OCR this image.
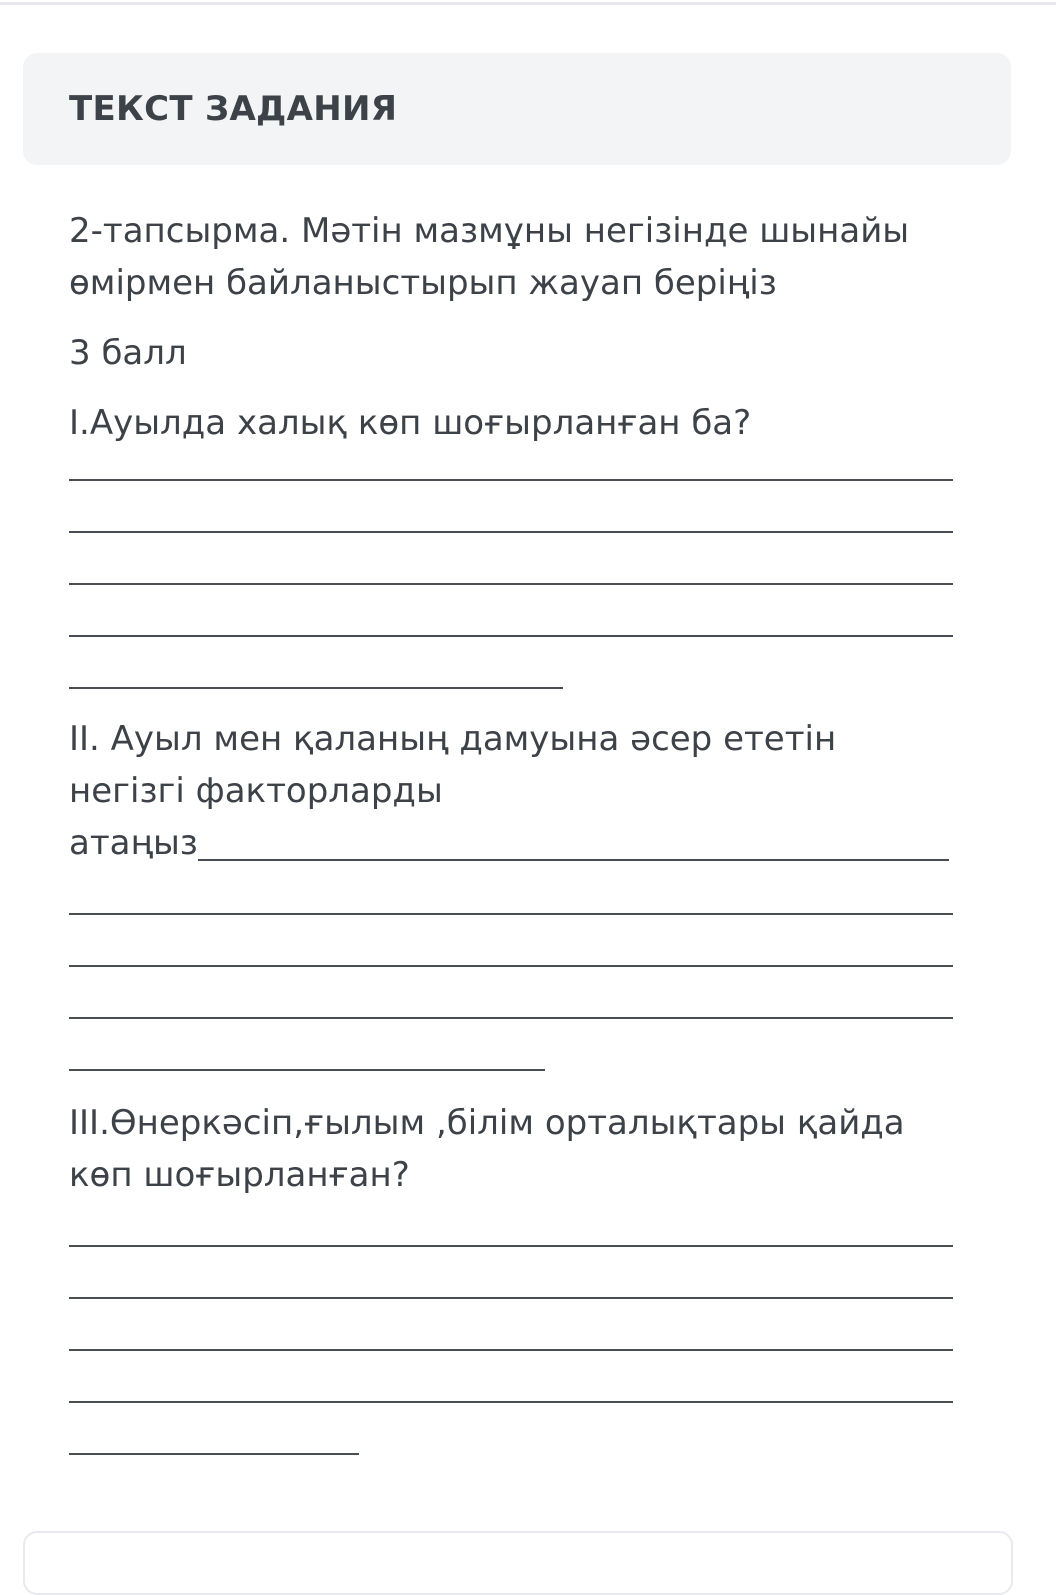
ТЕКСТ ЗАДАНИЯ

2-тапсырма. Мәтін мазмұны негізінде шынайы өмірмен байланыстырып жауап беріңіз

3 балл

I.Ауылда халық көп шоғырланған ба?

II. Ауыл мен қаланың дамуына әсер ететін негізгі факторларды

атаңыз

III.Өнеркәсіп,ғылым ,білім орталықтары қайда көп шоғырланған?
